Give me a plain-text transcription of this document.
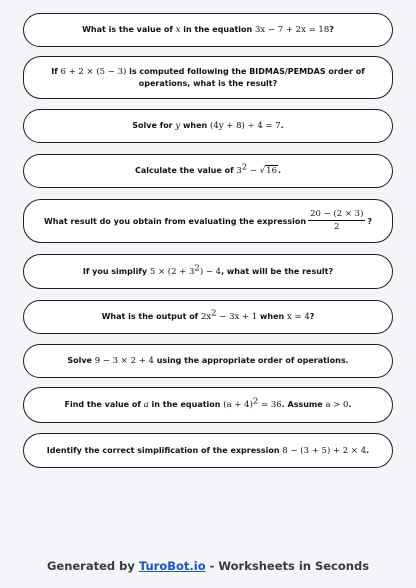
What is the value of x in the equation 3x − 7 + 2x = 18?
If 6 + 2 × (5 − 3) is computed following the BIDMAS/PEMDAS order of operations, what is the result?
Solve for y when (4y + 8) ÷ 4 = 7.
Calculate the value of $3^2 - √16$.
What result do you obtain from evaluating the expression $\frac{20 - (2 \times 3)}{2}$ ?
If you simplify $5 \times (2 + 3^2) - 4$, what will be the result?
What is the output of $2x^2 - 3x + 1$ when x = 4?
Solve 9 − 3 × 2 + 4 using the appropriate order of operations.
Find the value of a in the equation $(a + 4)^2 = 36$. Assume a > 0.
Identify the correct simplification of the expression 8 − (3 + 5) + 2 × 4.
Generated by TuroBot.io - Worksheets in Seconds
